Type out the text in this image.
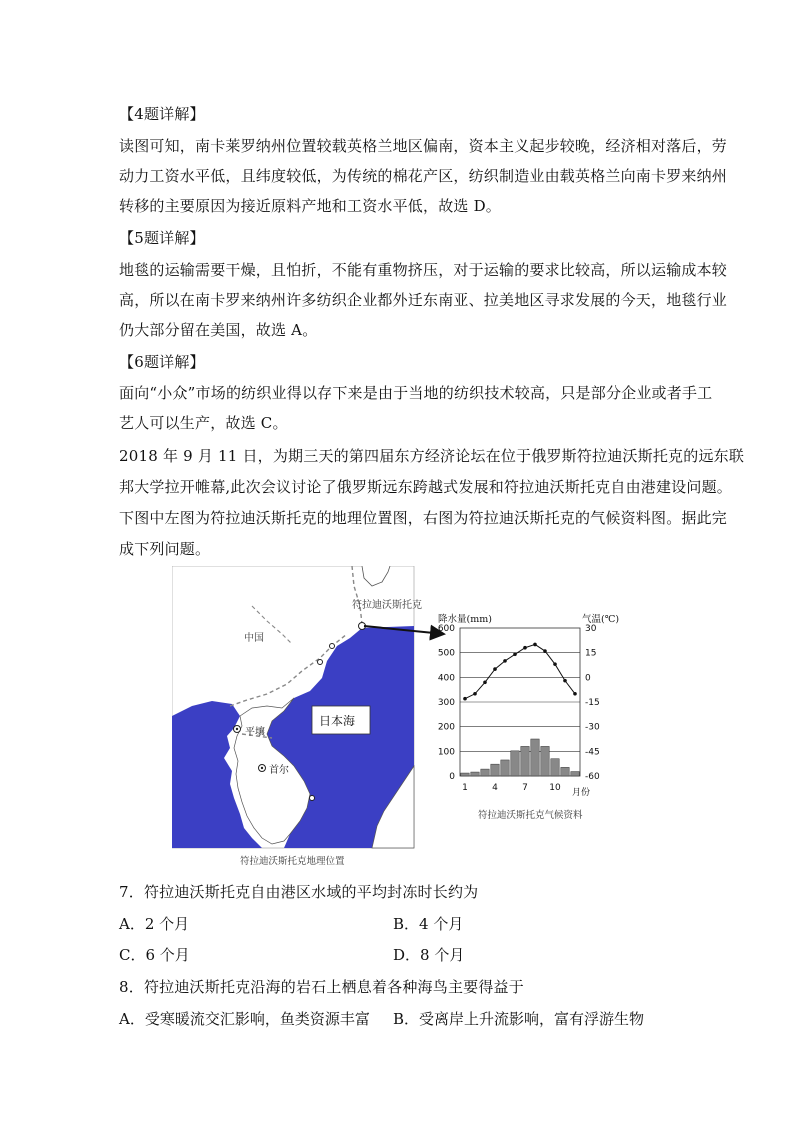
【4题详解】
读图可知，南卡莱罗纳州位置较载英格兰地区偏南，资本主义起步较晚，经济相对落后，劳
动力工资水平低，且纬度较低，为传统的棉花产区，纺织制造业由载英格兰向南卡罗来纳州
转移的主要原因为接近原料产地和工资水平低，故选 D。
【5题详解】
地毯的运输需要干燥，且怕折，不能有重物挤压，对于运输的要求比较高，所以运输成本较
高，所以在南卡罗来纳州许多纺织企业都外迁东南亚、拉美地区寻求发展的今天，地毯行业
仍大部分留在美国，故选 A。
【6题详解】
面向“小众”市场的纺织业得以存下来是由于当地的纺织技术较高，只是部分企业或者手工
艺人可以生产，故选 C。
2018 年 9 月 11 日，为期三天的第四届东方经济论坛在位于俄罗斯符拉迪沃斯托克的远东联
邦大学拉开帷幕,此次会议讨论了俄罗斯远东跨越式发展和符拉迪沃斯托克自由港建设问题。
下图中左图为符拉迪沃斯托克的地理位置图，右图为符拉迪沃斯托克的气候资料图。据此完
成下列问题。
0
100
200
300
400
500
600
-60
-45
-30
-15
0
15
30
1	4	7 10
符拉迪沃斯托克
中国
日本海
平壤
首尔
符拉迪沃斯托克地理位置
降水量(mm)	气温(℃)
月份
符拉迪沃斯托克气候资料
7．符拉迪沃斯托克自由港区水域的平均封冻时长约为
A．2 个月	B．4 个月
C．6 个月	D．8 个月
8．符拉迪沃斯托克沿海的岩石上栖息着各种海鸟主要得益于
A．受寒暖流交汇影响，鱼类资源丰富 B．受离岸上升流影响，富有浮游生物
